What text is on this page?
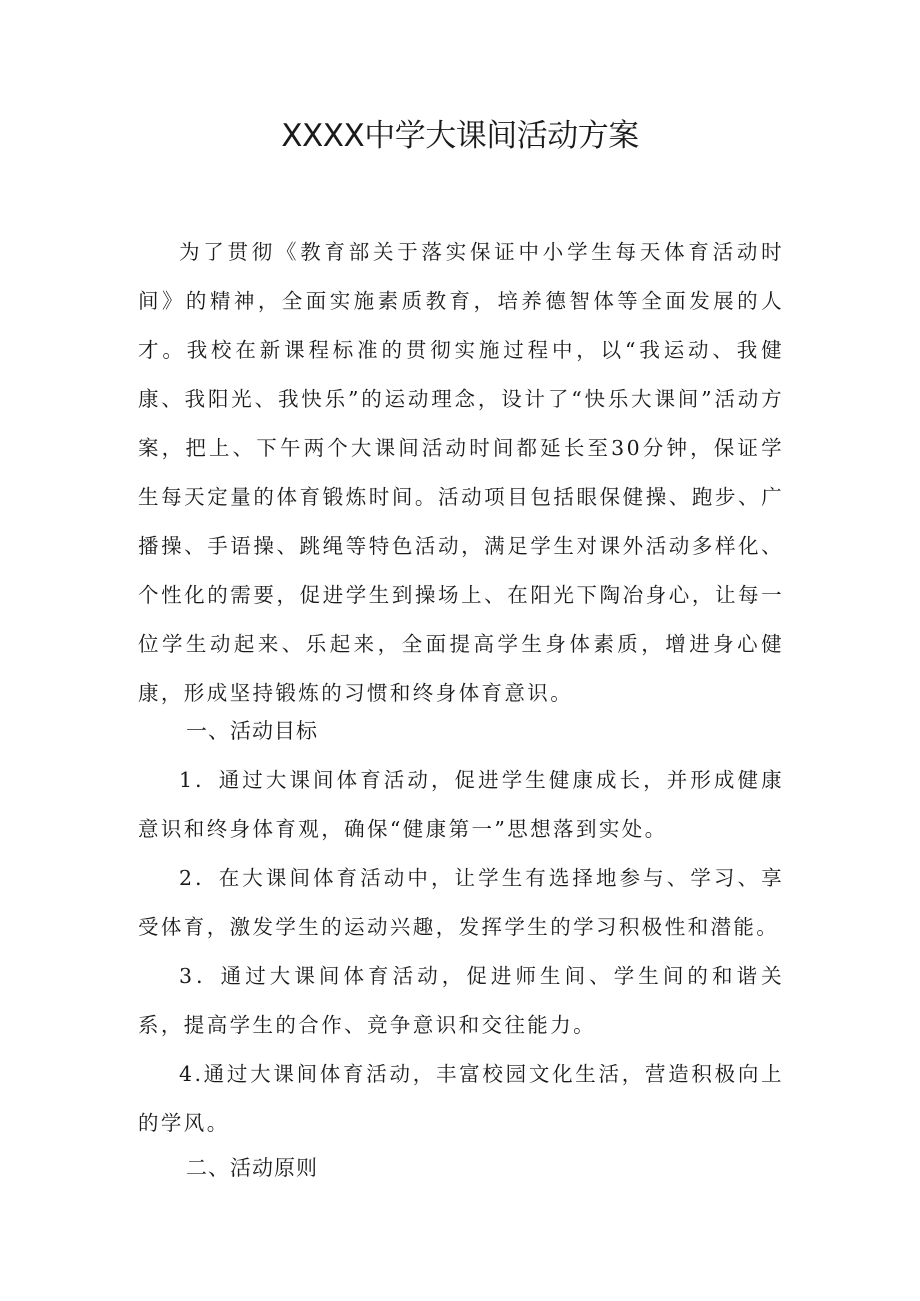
XXXX中学大课间活动方案

为了贯彻《教育部关于落实保证中小学生每天体育活动时间》的精神，全面实施素质教育，培养德智体等全面发展的人才。我校在新课程标准的贯彻实施过程中，以“我运动、我健康、我阳光、我快乐”的运动理念，设计了“快乐大课间”活动方案，把上、下午两个大课间活动时间都延长至30分钟，保证学生每天定量的体育锻炼时间。活动项目包括眼保健操、跑步、广播操、手语操、跳绳等特色活动，满足学生对课外活动多样化、个性化的需要，促进学生到操场上、在阳光下陶冶身心，让每一位学生动起来、乐起来，全面提高学生身体素质，增进身心健康，形成坚持锻炼的习惯和终身体育意识。

一、活动目标

1．通过大课间体育活动，促进学生健康成长，并形成健康意识和终身体育观，确保“健康第一”思想落到实处。

2．在大课间体育活动中，让学生有选择地参与、学习、享受体育，激发学生的运动兴趣，发挥学生的学习积极性和潜能。

3．通过大课间体育活动，促进师生间、学生间的和谐关系，提高学生的合作、竞争意识和交往能力。

4.通过大课间体育活动，丰富校园文化生活，营造积极向上的学风。

二、活动原则
